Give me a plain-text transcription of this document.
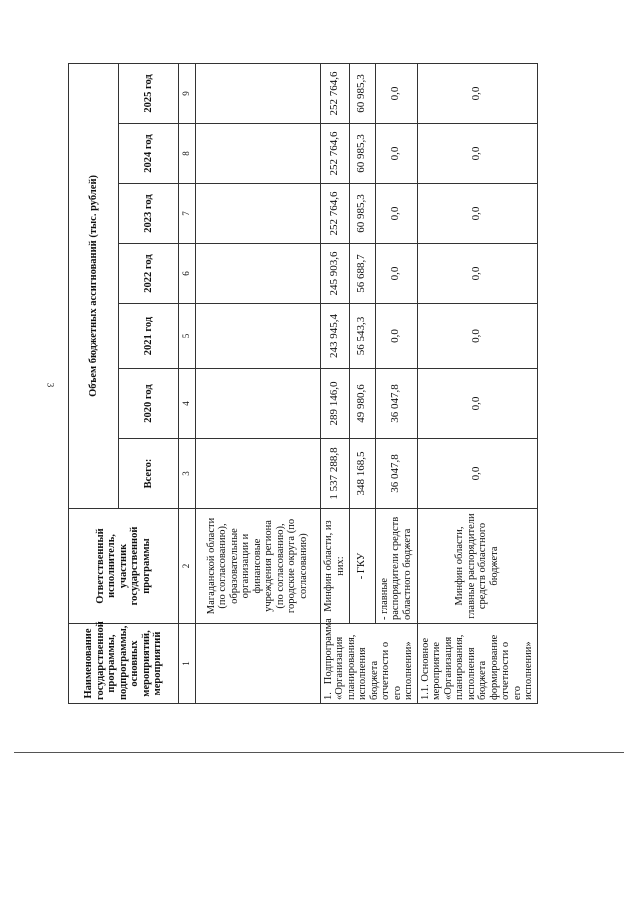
3
Наименование государственной программы, подпрограммы, основных мероприятий, мероприятий	Ответственный исполнитель, участник государственной программы	Объем бюджетных ассигнований (тыс. рублей)							
		Всего:	2020 год	2021 год	2022 год	2023 год	2024 год	2025 год	
1	2	3	4	5	6	7	8	9	
	Магаданской области (по согласованию), образовательные организации и финансовые учреждения региона (по согласованию), городские округа (по согласованию)								
1.   Подпрограмма «Организация планирования, исполнения бюджета отчетности о его исполнении»	Минфин области, из них:	1 537 288,8	289 146,0	243 945,4	245 903,6	252 764,6	252 764,6	252 764,6	
	- ГКУ	348 168,5	49 980,6	56 543,3	56 688,7	60 985,3	60 985,3	60 985,3	
	- главные распорядители средств областного бюджета	36 047,8	36 047,8	0,0	0,0	0,0	0,0	0,0	
1.1. Основное мероприятие «Организация планирования, исполнения бюджета формирование отчетности о его исполнении»	Минфин области, главные распорядители средств областного бюджета	0,0	0,0	0,0	0,0	0,0	0,0	0,0	
